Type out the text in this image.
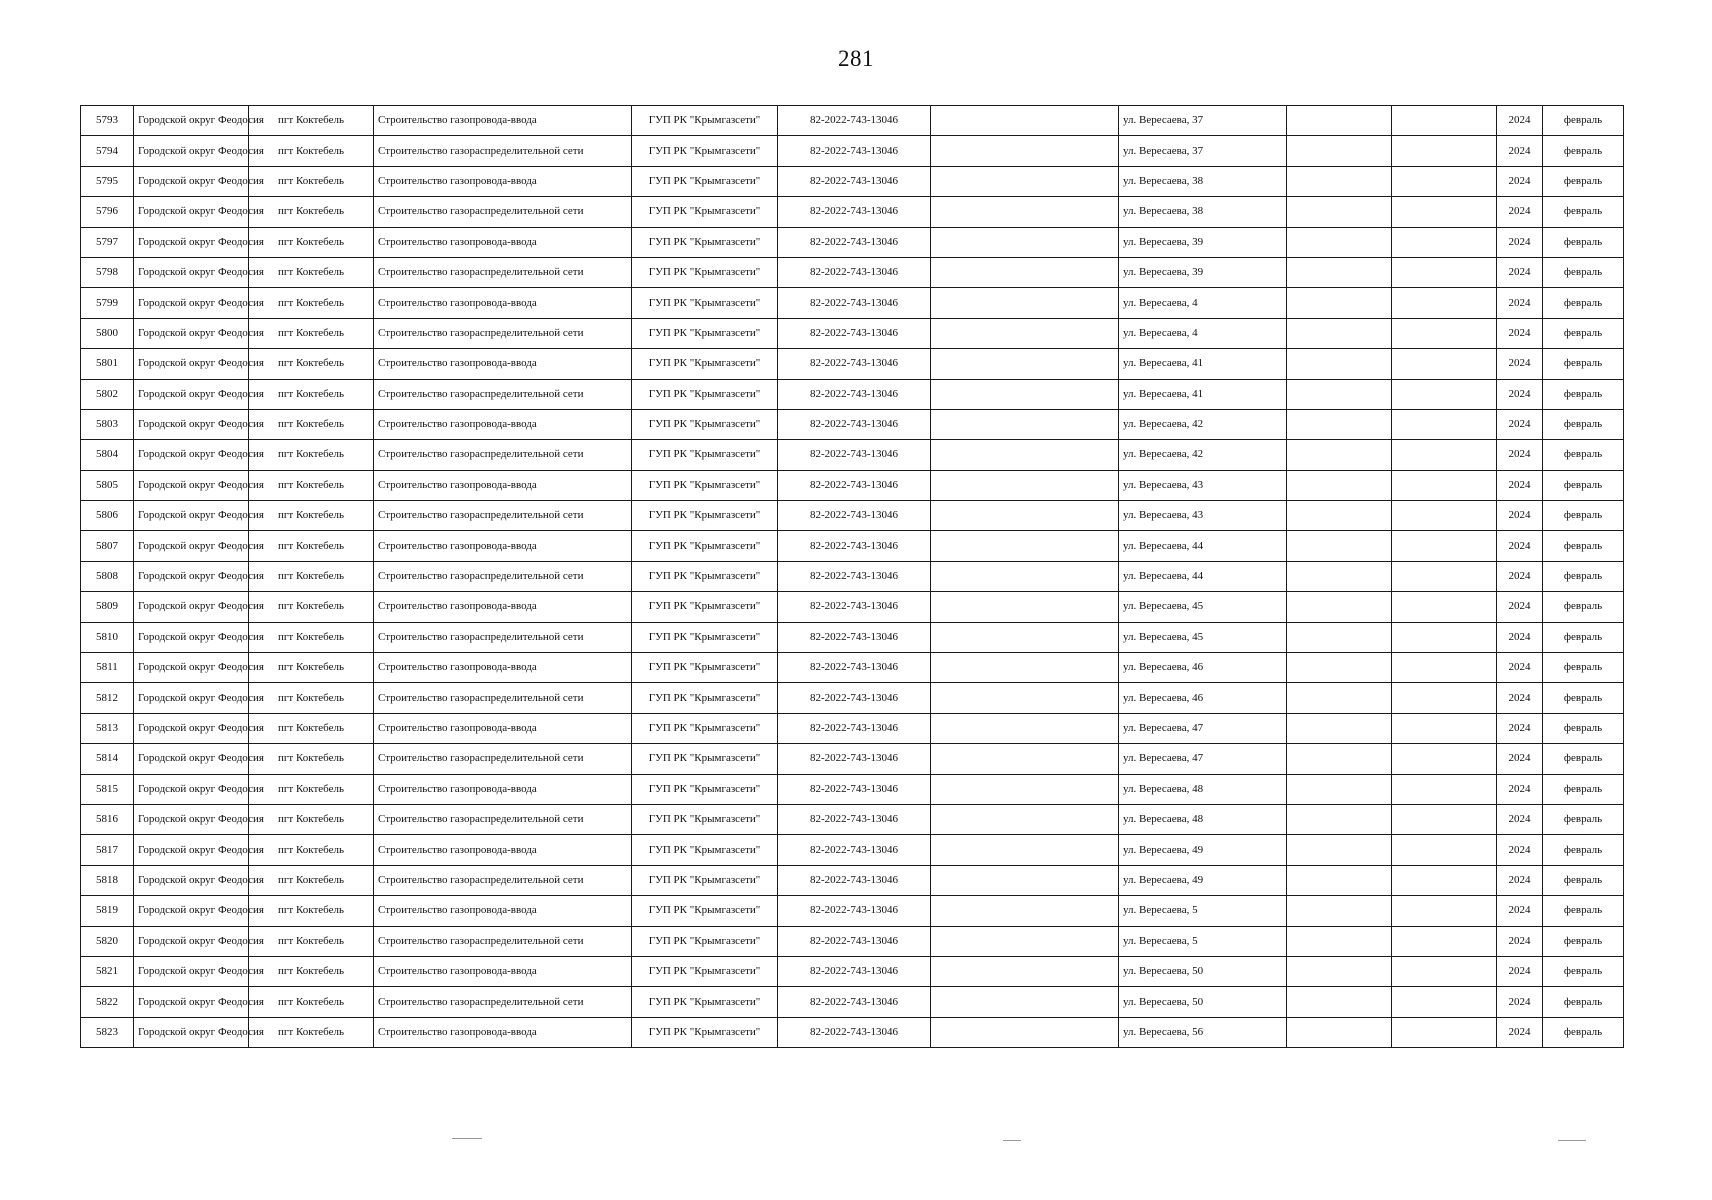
281
5793	Городской округ Феодосия	пгт Коктебель	Строительство газопровода-ввода	ГУП РК "Крымгазсети"	82-2022-743-13046		ул. Вересаева, 37			2024	февраль
5794	Городской округ Феодосия	пгт Коктебель	Строительство газораспределительной сети	ГУП РК "Крымгазсети"	82-2022-743-13046		ул. Вересаева, 37			2024	февраль
5795	Городской округ Феодосия	пгт Коктебель	Строительство газопровода-ввода	ГУП РК "Крымгазсети"	82-2022-743-13046		ул. Вересаева, 38			2024	февраль
5796	Городской округ Феодосия	пгт Коктебель	Строительство газораспределительной сети	ГУП РК "Крымгазсети"	82-2022-743-13046		ул. Вересаева, 38			2024	февраль
5797	Городской округ Феодосия	пгт Коктебель	Строительство газопровода-ввода	ГУП РК "Крымгазсети"	82-2022-743-13046		ул. Вересаева, 39			2024	февраль
5798	Городской округ Феодосия	пгт Коктебель	Строительство газораспределительной сети	ГУП РК "Крымгазсети"	82-2022-743-13046		ул. Вересаева, 39			2024	февраль
5799	Городской округ Феодосия	пгт Коктебель	Строительство газопровода-ввода	ГУП РК "Крымгазсети"	82-2022-743-13046		ул. Вересаева, 4			2024	февраль
5800	Городской округ Феодосия	пгт Коктебель	Строительство газораспределительной сети	ГУП РК "Крымгазсети"	82-2022-743-13046		ул. Вересаева, 4			2024	февраль
5801	Городской округ Феодосия	пгт Коктебель	Строительство газопровода-ввода	ГУП РК "Крымгазсети"	82-2022-743-13046		ул. Вересаева, 41			2024	февраль
5802	Городской округ Феодосия	пгт Коктебель	Строительство газораспределительной сети	ГУП РК "Крымгазсети"	82-2022-743-13046		ул. Вересаева, 41			2024	февраль
5803	Городской округ Феодосия	пгт Коктебель	Строительство газопровода-ввода	ГУП РК "Крымгазсети"	82-2022-743-13046		ул. Вересаева, 42			2024	февраль
5804	Городской округ Феодосия	пгт Коктебель	Строительство газораспределительной сети	ГУП РК "Крымгазсети"	82-2022-743-13046		ул. Вересаева, 42			2024	февраль
5805	Городской округ Феодосия	пгт Коктебель	Строительство газопровода-ввода	ГУП РК "Крымгазсети"	82-2022-743-13046		ул. Вересаева, 43			2024	февраль
5806	Городской округ Феодосия	пгт Коктебель	Строительство газораспределительной сети	ГУП РК "Крымгазсети"	82-2022-743-13046		ул. Вересаева, 43			2024	февраль
5807	Городской округ Феодосия	пгт Коктебель	Строительство газопровода-ввода	ГУП РК "Крымгазсети"	82-2022-743-13046		ул. Вересаева, 44			2024	февраль
5808	Городской округ Феодосия	пгт Коктебель	Строительство газораспределительной сети	ГУП РК "Крымгазсети"	82-2022-743-13046		ул. Вересаева, 44			2024	февраль
5809	Городской округ Феодосия	пгт Коктебель	Строительство газопровода-ввода	ГУП РК "Крымгазсети"	82-2022-743-13046		ул. Вересаева, 45			2024	февраль
5810	Городской округ Феодосия	пгт Коктебель	Строительство газораспределительной сети	ГУП РК "Крымгазсети"	82-2022-743-13046		ул. Вересаева, 45			2024	февраль
5811	Городской округ Феодосия	пгт Коктебель	Строительство газопровода-ввода	ГУП РК "Крымгазсети"	82-2022-743-13046		ул. Вересаева, 46			2024	февраль
5812	Городской округ Феодосия	пгт Коктебель	Строительство газораспределительной сети	ГУП РК "Крымгазсети"	82-2022-743-13046		ул. Вересаева, 46			2024	февраль
5813	Городской округ Феодосия	пгт Коктебель	Строительство газопровода-ввода	ГУП РК "Крымгазсети"	82-2022-743-13046		ул. Вересаева, 47			2024	февраль
5814	Городской округ Феодосия	пгт Коктебель	Строительство газораспределительной сети	ГУП РК "Крымгазсети"	82-2022-743-13046		ул. Вересаева, 47			2024	февраль
5815	Городской округ Феодосия	пгт Коктебель	Строительство газопровода-ввода	ГУП РК "Крымгазсети"	82-2022-743-13046		ул. Вересаева, 48			2024	февраль
5816	Городской округ Феодосия	пгт Коктебель	Строительство газораспределительной сети	ГУП РК "Крымгазсети"	82-2022-743-13046		ул. Вересаева, 48			2024	февраль
5817	Городской округ Феодосия	пгт Коктебель	Строительство газопровода-ввода	ГУП РК "Крымгазсети"	82-2022-743-13046		ул. Вересаева, 49			2024	февраль
5818	Городской округ Феодосия	пгт Коктебель	Строительство газораспределительной сети	ГУП РК "Крымгазсети"	82-2022-743-13046		ул. Вересаева, 49			2024	февраль
5819	Городской округ Феодосия	пгт Коктебель	Строительство газопровода-ввода	ГУП РК "Крымгазсети"	82-2022-743-13046		ул. Вересаева, 5			2024	февраль
5820	Городской округ Феодосия	пгт Коктебель	Строительство газораспределительной сети	ГУП РК "Крымгазсети"	82-2022-743-13046		ул. Вересаева, 5			2024	февраль
5821	Городской округ Феодосия	пгт Коктебель	Строительство газопровода-ввода	ГУП РК "Крымгазсети"	82-2022-743-13046		ул. Вересаева, 50			2024	февраль
5822	Городской округ Феодосия	пгт Коктебель	Строительство газораспределительной сети	ГУП РК "Крымгазсети"	82-2022-743-13046		ул. Вересаева, 50			2024	февраль
5823	Городской округ Феодосия	пгт Коктебель	Строительство газопровода-ввода	ГУП РК "Крымгазсети"	82-2022-743-13046		ул. Вересаева, 56			2024	февраль
